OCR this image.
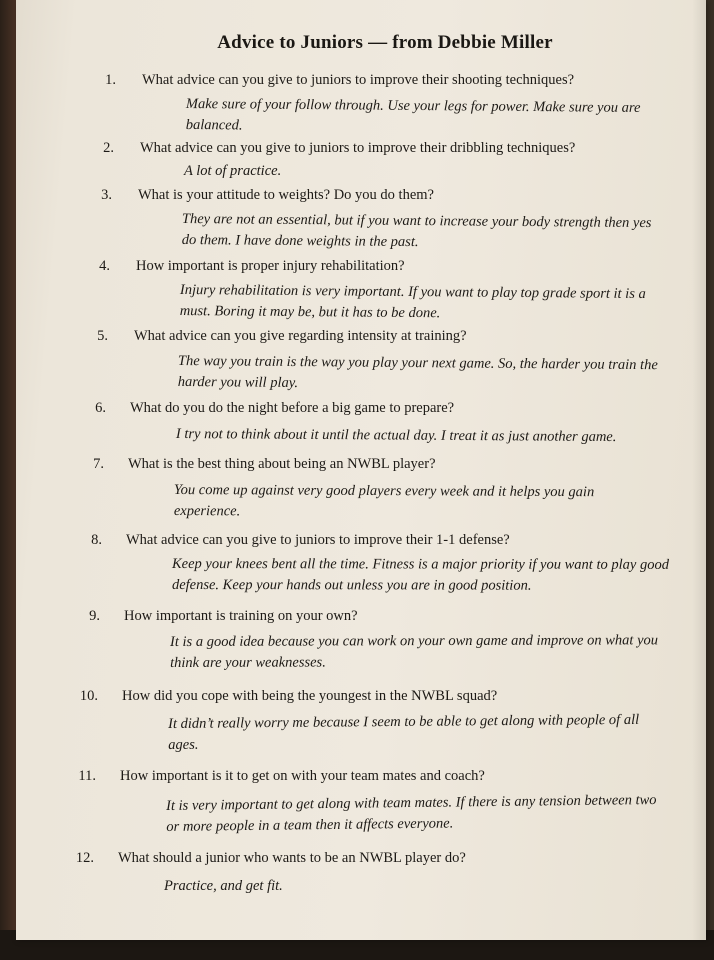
Advice to Juniors — from Debbie Miller
1. What advice can you give to juniors to improve their shooting techniques?
Make sure of your follow through. Use your legs for power. Make sure you are balanced.
2. What advice can you give to juniors to improve their dribbling techniques?
A lot of practice.
3. What is your attitude to weights? Do you do them?
They are not an essential, but if you want to increase your body strength then yes do them. I have done weights in the past.
4. How important is proper injury rehabilitation?
Injury rehabilitation is very important. If you want to play top grade sport it is a must. Boring it may be, but it has to be done.
5. What advice can you give regarding intensity at training?
The way you train is the way you play your next game. So, the harder you train the harder you will play.
6. What do you do the night before a big game to prepare?
I try not to think about it until the actual day. I treat it as just another game.
7. What is the best thing about being an NWBL player?
You come up against very good players every week and it helps you gain experience.
8. What advice can you give to juniors to improve their 1-1 defense?
Keep your knees bent all the time. Fitness is a major priority if you want to play good defense. Keep your hands out unless you are in good position.
9. How important is training on your own?
It is a good idea because you can work on your own game and improve on what you think are your weaknesses.
10. How did you cope with being the youngest in the NWBL squad?
It didn’t really worry me because I seem to be able to get along with people of all ages.
11. How important is it to get on with your team mates and coach?
It is very important to get along with team mates. If there is any tension between two or more people in a team then it affects everyone.
12. What should a junior who wants to be an NWBL player do?
Practice, and get fit.
